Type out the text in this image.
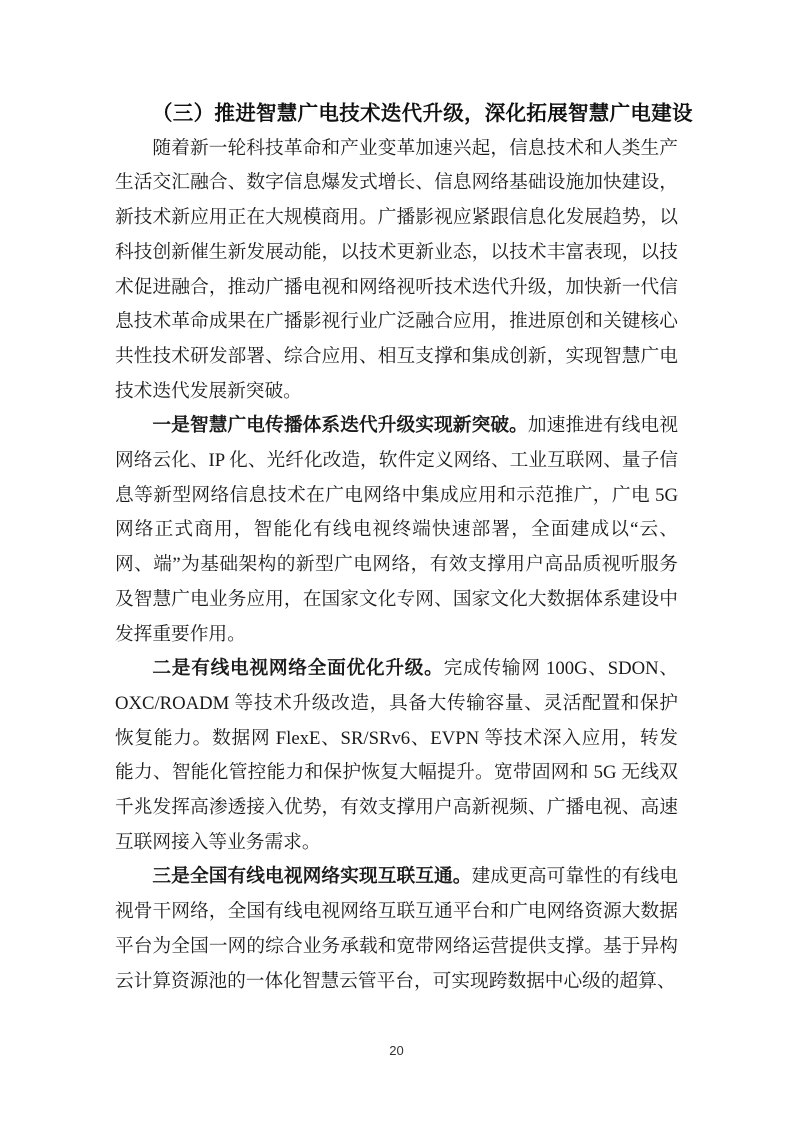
（三）推进智慧广电技术迭代升级，深化拓展智慧广电建设

随着新一轮科技革命和产业变革加速兴起，信息技术和人类生产生活交汇融合、数字信息爆发式增长、信息网络基础设施加快建设，新技术新应用正在大规模商用。广播影视应紧跟信息化发展趋势，以科技创新催生新发展动能，以技术更新业态，以技术丰富表现，以技术促进融合，推动广播电视和网络视听技术迭代升级，加快新一代信息技术革命成果在广播影视行业广泛融合应用，推进原创和关键核心共性技术研发部署、综合应用、相互支撑和集成创新，实现智慧广电技术迭代发展新突破。

一是智慧广电传播体系迭代升级实现新突破。加速推进有线电视网络云化、IP 化、光纤化改造，软件定义网络、工业互联网、量子信息等新型网络信息技术在广电网络中集成应用和示范推广，广电 5G 网络正式商用，智能化有线电视终端快速部署，全面建成以“云、网、端”为基础架构的新型广电网络，有效支撑用户高品质视听服务及智慧广电业务应用，在国家文化专网、国家文化大数据体系建设中发挥重要作用。

二是有线电视网络全面优化升级。完成传输网 100G、SDON、OXC/ROADM 等技术升级改造，具备大传输容量、灵活配置和保护恢复能力。数据网 FlexE、SR/SRv6、EVPN 等技术深入应用，转发能力、智能化管控能力和保护恢复大幅提升。宽带固网和 5G 无线双千兆发挥高渗透接入优势，有效支撑用户高新视频、广播电视、高速互联网接入等业务需求。

三是全国有线电视网络实现互联互通。建成更高可靠性的有线电视骨干网络，全国有线电视网络互联互通平台和广电网络资源大数据平台为全国一网的综合业务承载和宽带网络运营提供支撑。基于异构云计算资源池的一体化智慧云管平台，可实现跨数据中心级的超算、

20
